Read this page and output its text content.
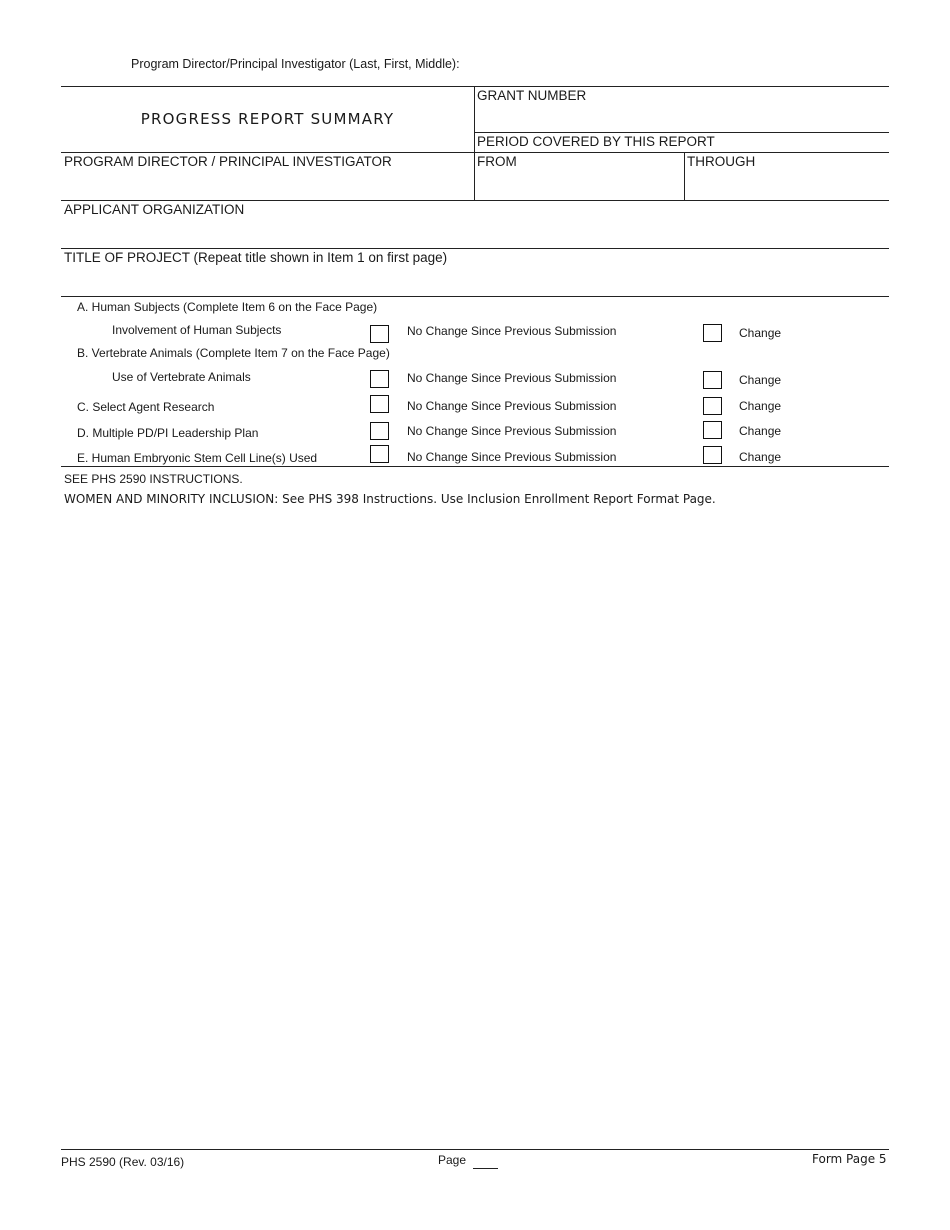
Program Director/Principal Investigator (Last, First, Middle):
PROGRESS REPORT SUMMARY
GRANT NUMBER
PERIOD COVERED BY THIS REPORT
PROGRAM DIRECTOR / PRINCIPAL INVESTIGATOR	FROM	THROUGH
APPLICANT ORGANIZATION
TITLE OF PROJECT (Repeat title shown in Item 1 on first page)
A. Human Subjects (Complete Item 6 on the Face Page)
Involvement of Human Subjects	No Change Since Previous Submission	Change
B. Vertebrate Animals (Complete Item 7 on the Face Page)
Use of Vertebrate Animals	No Change Since Previous Submission	Change
C. Select Agent Research	No Change Since Previous Submission	Change
D. Multiple PD/PI Leadership Plan	No Change Since Previous Submission	Change
E. Human Embryonic Stem Cell Line(s) Used	No Change Since Previous Submission	Change
SEE PHS 2590 INSTRUCTIONS.
WOMEN AND MINORITY INCLUSION: See PHS 398 Instructions. Use Inclusion Enrollment Report Format Page.
PHS 2590 (Rev. 03/16)	Page	Form Page 5
